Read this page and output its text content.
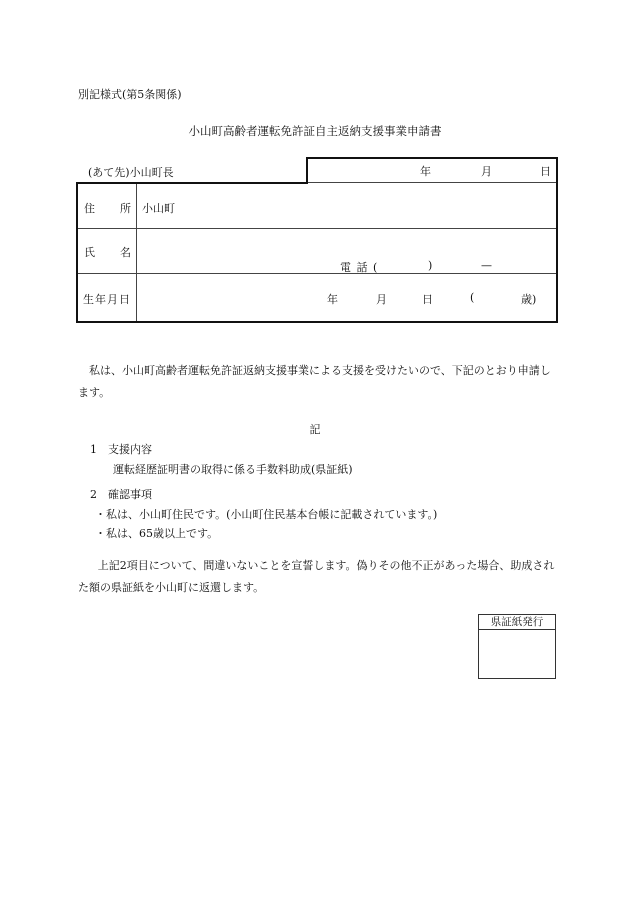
別記様式(第5条関係)
小山町高齢者運転免許証自主返納支援事業申請書
(あて先)小山町長	年	月	日
住 所 小山町
氏 名
電 話 (	)	—
生年月日	年	月	日	(	歳)
私は、小山町高齢者運転免許証返納支援事業による支援を受けたいので、下記のとおり申請します。
記
1　支援内容
運転経歴証明書の取得に係る手数料助成(県証紙)
2　確認事項
・私は、小山町住民です。(小山町住民基本台帳に記載されています。)
・私は、65歳以上です。
上記2項目について、間違いないことを宣誓します。偽りその他不正があった場合、助成された額の県証紙を小山町に返還します。
県証紙発行
